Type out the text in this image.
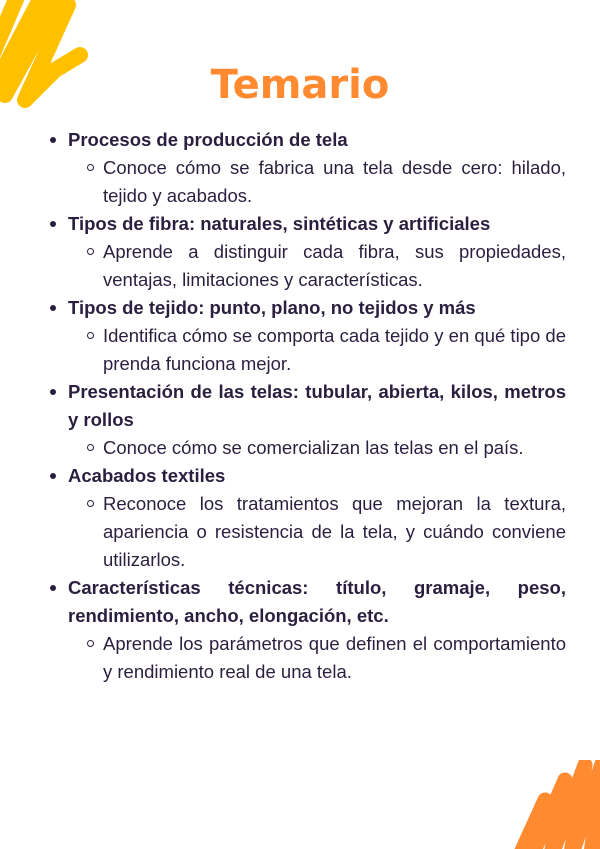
Temario
Procesos de producción de tela
Conoce cómo se fabrica una tela desde cero: hilado, tejido y acabados.
Tipos de fibra: naturales, sintéticas y artificiales
Aprende a distinguir cada fibra, sus propiedades, ventajas, limitaciones y características.
Tipos de tejido: punto, plano, no tejidos y más
Identifica cómo se comporta cada tejido y en qué tipo de prenda funciona mejor.
Presentación de las telas: tubular, abierta, kilos, metros y rollos
Conoce cómo se comercializan las telas en el país.
Acabados textiles
Reconoce los tratamientos que mejoran la textura, apariencia o resistencia de la tela, y cuándo conviene utilizarlos.
Características técnicas: título, gramaje, peso, rendimiento, ancho, elongación, etc.
Aprende los parámetros que definen el comportamiento y rendimiento real de una tela.
